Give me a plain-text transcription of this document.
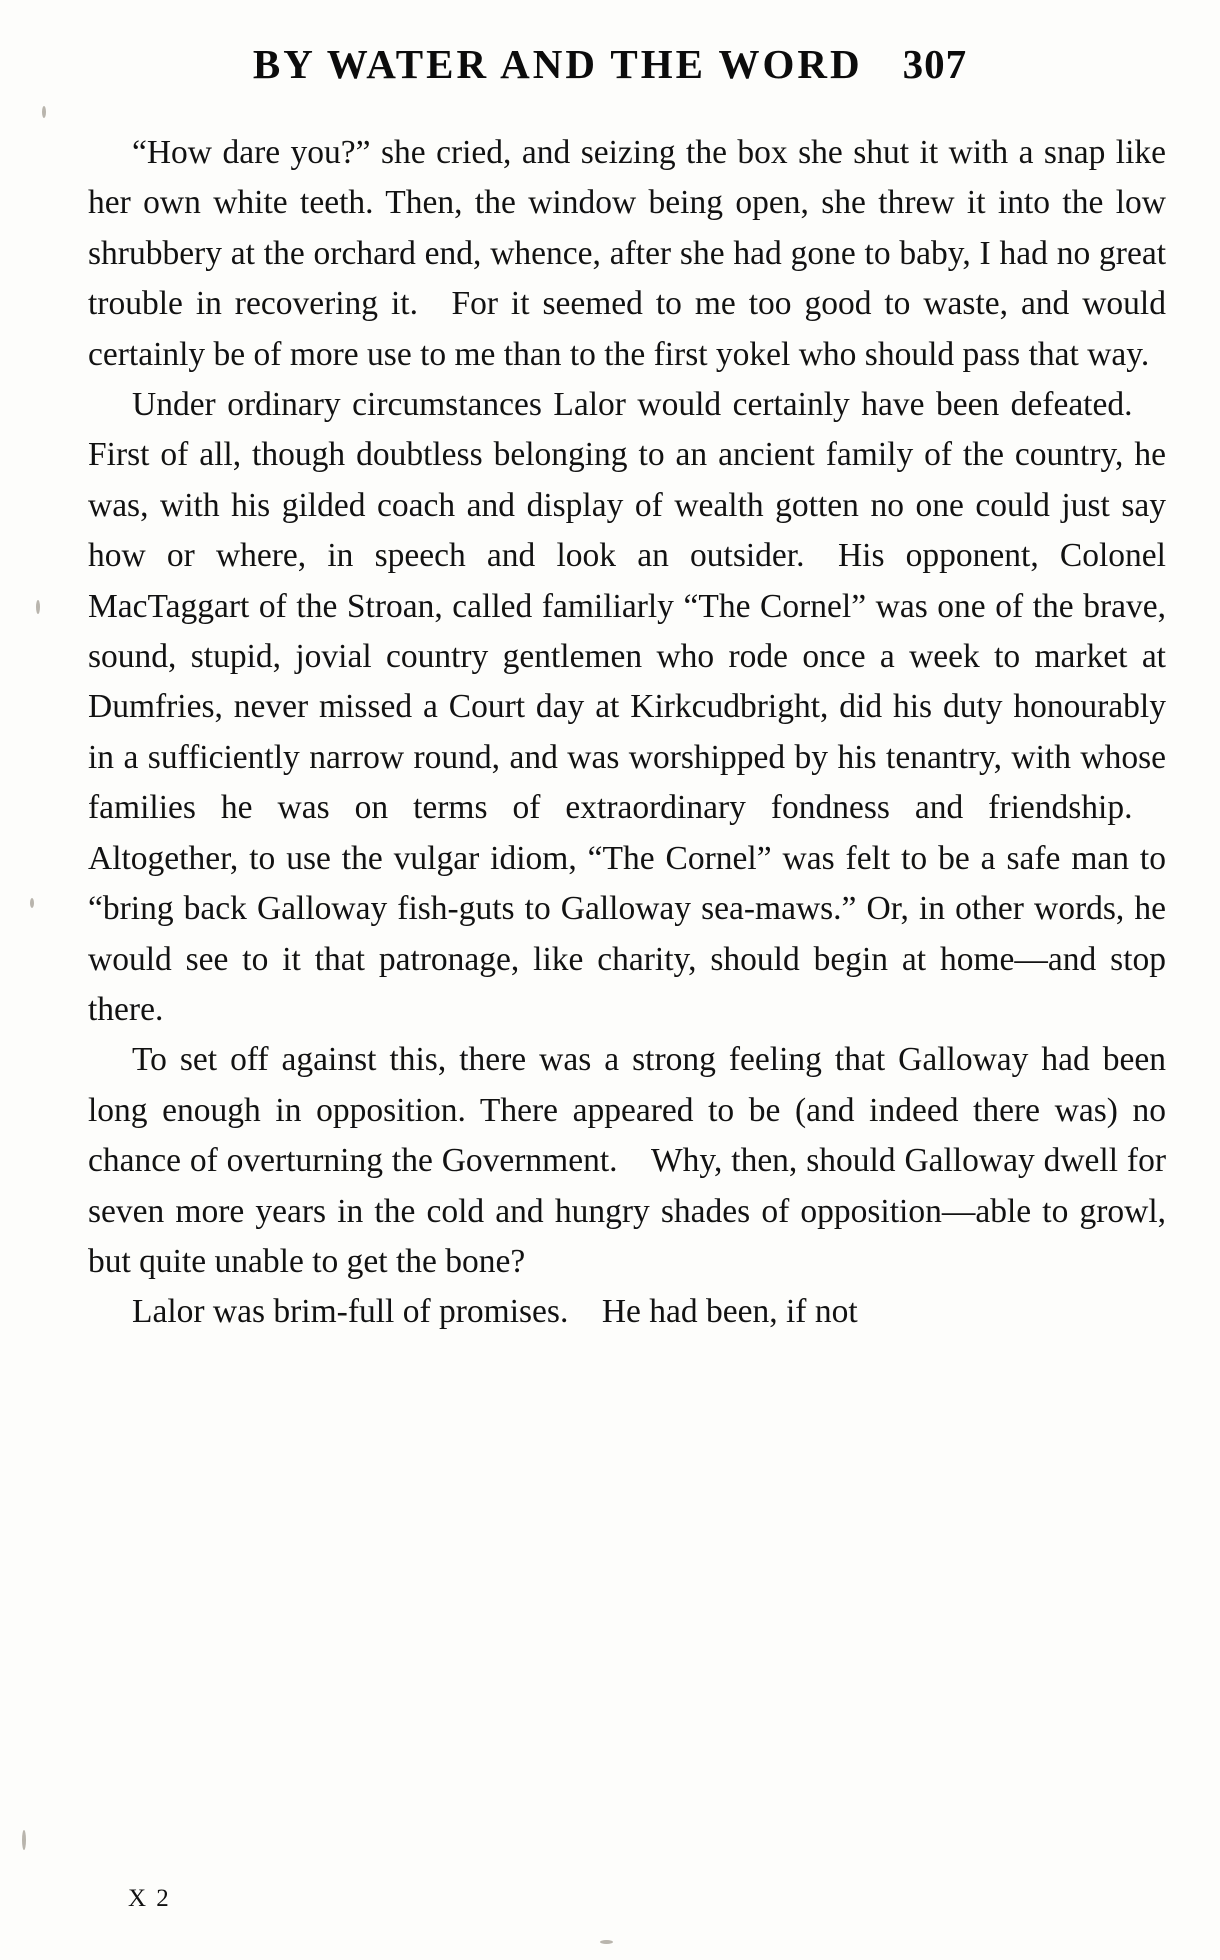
BY WATER AND THE WORD 307

“How dare you?” she cried, and seizing the box she shut it with a snap like her own white teeth. Then, the window being open, she threw it into the low shrubbery at the orchard end, whence, after she had gone to baby, I had no great trouble in recovering it. For it seemed to me too good to waste, and would certainly be of more use to me than to the first yokel who should pass that way.

Under ordinary circumstances Lalor would certainly have been defeated. First of all, though doubtless belonging to an ancient family of the country, he was, with his gilded coach and display of wealth gotten no one could just say how or where, in speech and look an outsider. His opponent, Colonel MacTaggart of the Stroan, called familiarly “The Cornel” was one of the brave, sound, stupid, jovial country gentlemen who rode once a week to market at Dumfries, never missed a Court day at Kirkcudbright, did his duty honourably in a sufficiently narrow round, and was worshipped by his tenantry, with whose families he was on terms of extraordinary fondness and friendship. Altogether, to use the vulgar idiom, “The Cornel” was felt to be a safe man to “bring back Galloway fish-guts to Galloway sea-maws.” Or, in other words, he would see to it that patronage, like charity, should begin at home—and stop there.

To set off against this, there was a strong feeling that Galloway had been long enough in opposition. There appeared to be (and indeed there was) no chance of overturning the Government. Why, then, should Galloway dwell for seven more years in the cold and hungry shades of opposition—able to growl, but quite unable to get the bone?

Lalor was brim-full of promises. He had been, if not

X 2
